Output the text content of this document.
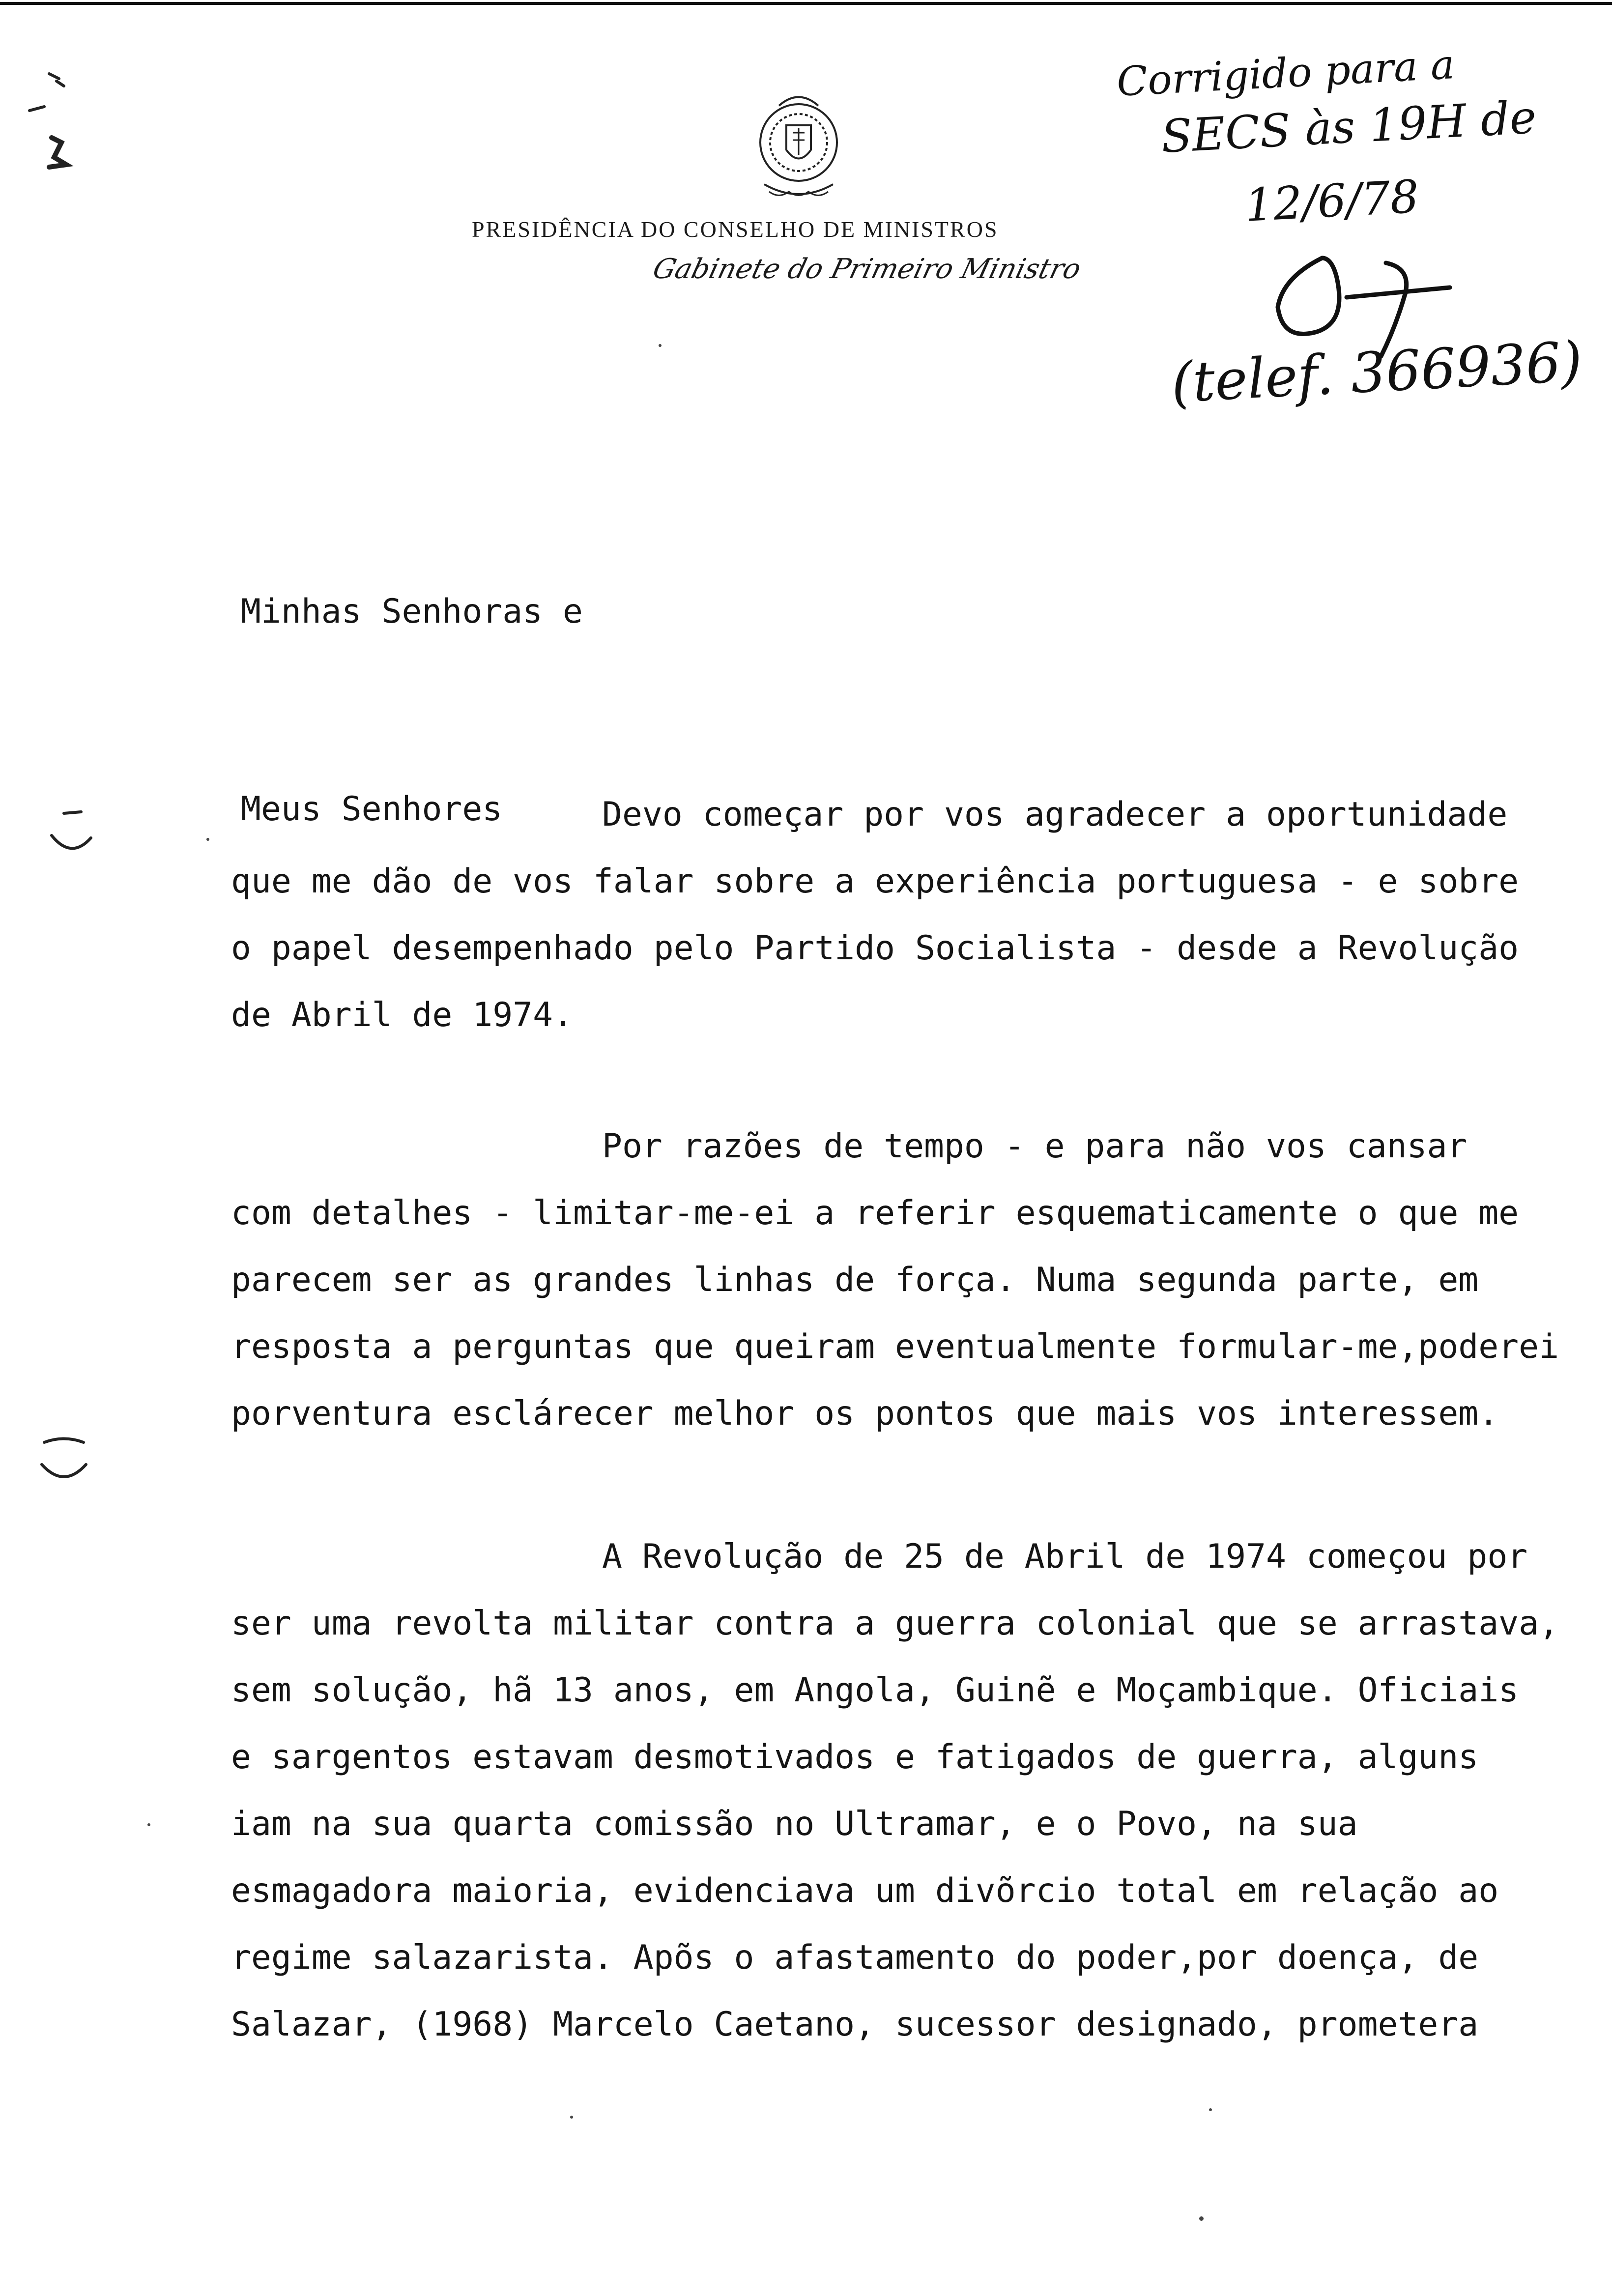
PRESIDÊNCIA DO CONSELHO DE MINISTROS
Gabinete do Primeiro Ministro
Corrigido para a
SECS às 19H de
12/6/78
(telef. 366936)

Minhas Senhoras e

Meus Senhores

	Devo começar por vos agradecer a oportunidade
que me dão de vos falar sobre a experiência portuguesa - e sobre
o papel desempenhado pelo Partido Socialista - desde a Revolução
de Abril de 1974.
Por razões de tempo - e para não vos cansar
com detalhes - limitar-me-ei a referir esquematicamente o que me
parecem ser as grandes linhas de força. Numa segunda parte, em
resposta a perguntas que queiram eventualmente formular-me,poderei
porventura esclárecer melhor os pontos que mais vos interessem.
A Revolução de 25 de Abril de 1974 começou por
ser uma revolta militar contra a guerra colonial que se arrastava,
sem solução, hã 13 anos, em Angola, Guinẽ e Moçambique. Oficiais
e sargentos estavam desmotivados e fatigados de guerra, alguns
iam na sua quarta comissão no Ultramar, e o Povo, na sua
esmagadora maioria, evidenciava um divõrcio total em relação ao
regime salazarista. Apõs o afastamento do poder,por doença, de
Salazar, (1968) Marcelo Caetano, sucessor designado, prometera
